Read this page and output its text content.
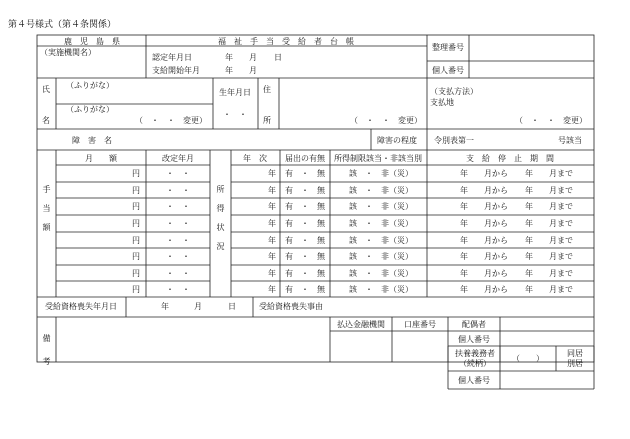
第４号様式（第４条関係）
鹿　児　島　県	福　祉　手　当　受　給　者　台　帳
（実施機関名）
認定年月日	年 月 日
支給開始年月	年 月
整理番号
個人番号
氏
名
（ふりがな）
（ふりがな）
（　・　・　変更）
生年月日
・　・
住
所	（　・　・　変更）
（支払方法）支払地
（　・　・　変更）
障　害　名	障害の程度 令別表第一	号該当
手当額
所得状況
月　　額	改定年月	年　次 届出の有無 所得制限該当・非該当別	支　給　停　止　期　間
円	・　・	年 有　・　無	該　・　非（災）	年　　月から 年　　月まで
円	・　・	年 有　・　無	該　・　非（災）	年　　月から 年　　月まで
円	・　・	年 有　・　無	該　・　非（災）	年　　月から 年　　月まで
円	・　・	年 有　・　無	該　・　非（災）	年　　月から 年　　月まで
円	・　・	年 有　・　無	該　・　非（災）	年　　月から 年　　月まで
円	・　・	年 有　・　無	該　・　非（災）	年　　月から 年　　月まで
円	・　・	年 有　・　無	該　・　非（災）	年　　月から 年　　月まで
円	・　・	年 有　・　無	該　・　非（災）	年　　月から 年　　月まで
受給資格喪失年月日	年	月	日	受給資格喪失事由
備考
払込金融機関 口座番号	配偶者
個人番号
扶養義務者（続柄）
（　　）
同居
別居
個人番号
